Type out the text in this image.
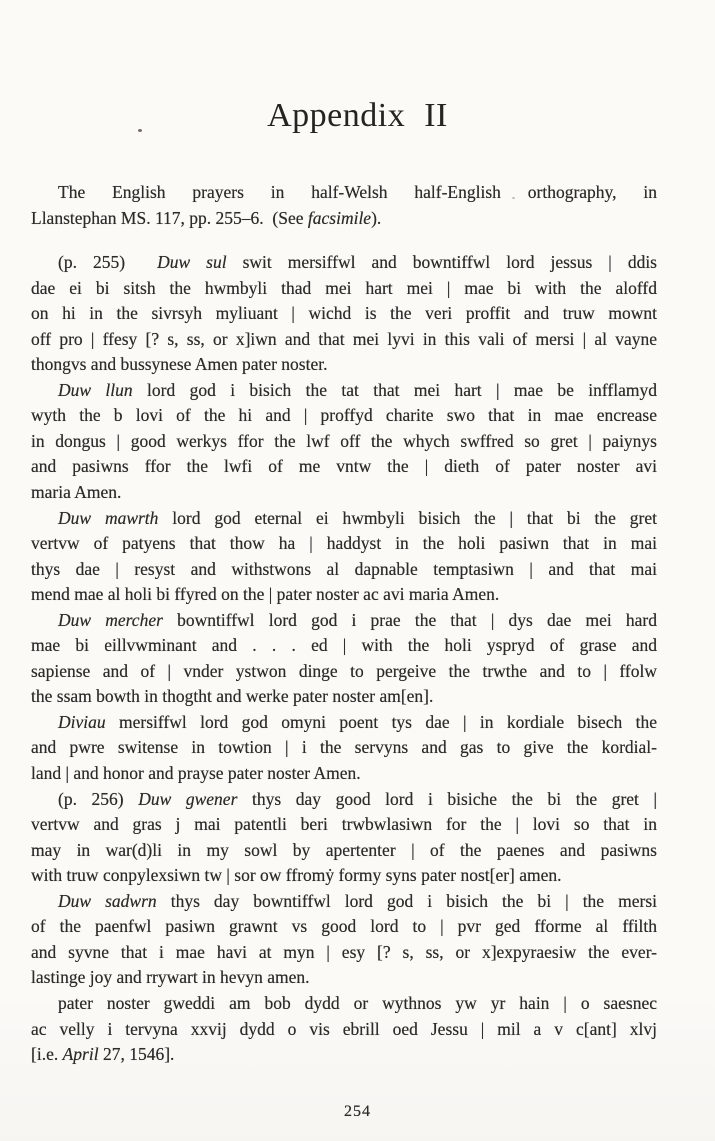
Appendix II
The English prayers in half-Welsh half-English orthography, in
Llanstephan MS. 117, pp. 255–6.  (See facsimile).
(p. 255)  Duw sul swit mersiffwl and bowntiffwl lord jessus | ddis
dae ei bi sitsh the hwmbyli thad mei hart mei | mae bi with the aloffd
on hi in the sivrsyh myliuant | wichd is the veri proffit and truw mownt
off pro | ffesy [? s, ss, or x]iwn and that mei lyvi in this vali of mersi | al vayne
thongvs and bussynese Amen pater noster.
Duw llun lord god i bisich the tat that mei hart | mae be infflamyd
wyth the b lovi of the hi and | proffyd charite swo that in mae encrease
in dongus | good werkys ffor the lwf off the whych swffred so gret | paiynys
and pasiwns ffor the lwfi of me vntw the | dieth of pater noster avi
maria Amen.
Duw mawrth lord god eternal ei hwmbyli bisich the | that bi the gret
vertvw of patyens that thow ha | haddyst in the holi pasiwn that in mai
thys dae | resyst and withstwons al dapnable temptasiwn | and that mai
mend mae al holi bi ffyred on the | pater noster ac avi maria Amen.
Duw mercher bowntiffwl lord god i prae the that | dys dae mei hard
mae bi eillvwminant and . . . ed | with the holi yspryd of grase and
sapiense and of | vnder ystwon dinge to pergeive the trwthe and to | ffolw
the ssam bowth in thogtht and werke pater noster am[en].
Diviau mersiffwl lord god omyni poent tys dae | in kordiale bisech the
and pwre switense in towtion | i the servyns and gas to give the kordial-
land | and honor and prayse pater noster Amen.
(p. 256) Duw gwener thys day good lord i bisiche the bi the gret |
vertvw and gras j mai patentli beri trwbwlasiwn for the | lovi so that in
may in war(d)li in my sowl by apertenter | of the paenes and pasiwns
with truw conpylexsiwn tw | sor ow ffromẏ formy syns pater nost[er] amen.
Duw sadwrn thys day bowntiffwl lord god i bisich the bi | the mersi
of the paenfwl pasiwn grawnt vs good lord to | pvr ged fforme al ffilth
and syvne that i mae havi at myn | esy [? s, ss, or x]expyraesiw the ever-
lastinge joy and rrywart in hevyn amen.
pater noster gweddi am bob dydd or wythnos yw yr hain | o saesnec
ac velly i tervyna xxvij dydd o vis ebrill oed Jessu | mil a v c[ant] xlvj
[i.e. April 27, 1546].
254
